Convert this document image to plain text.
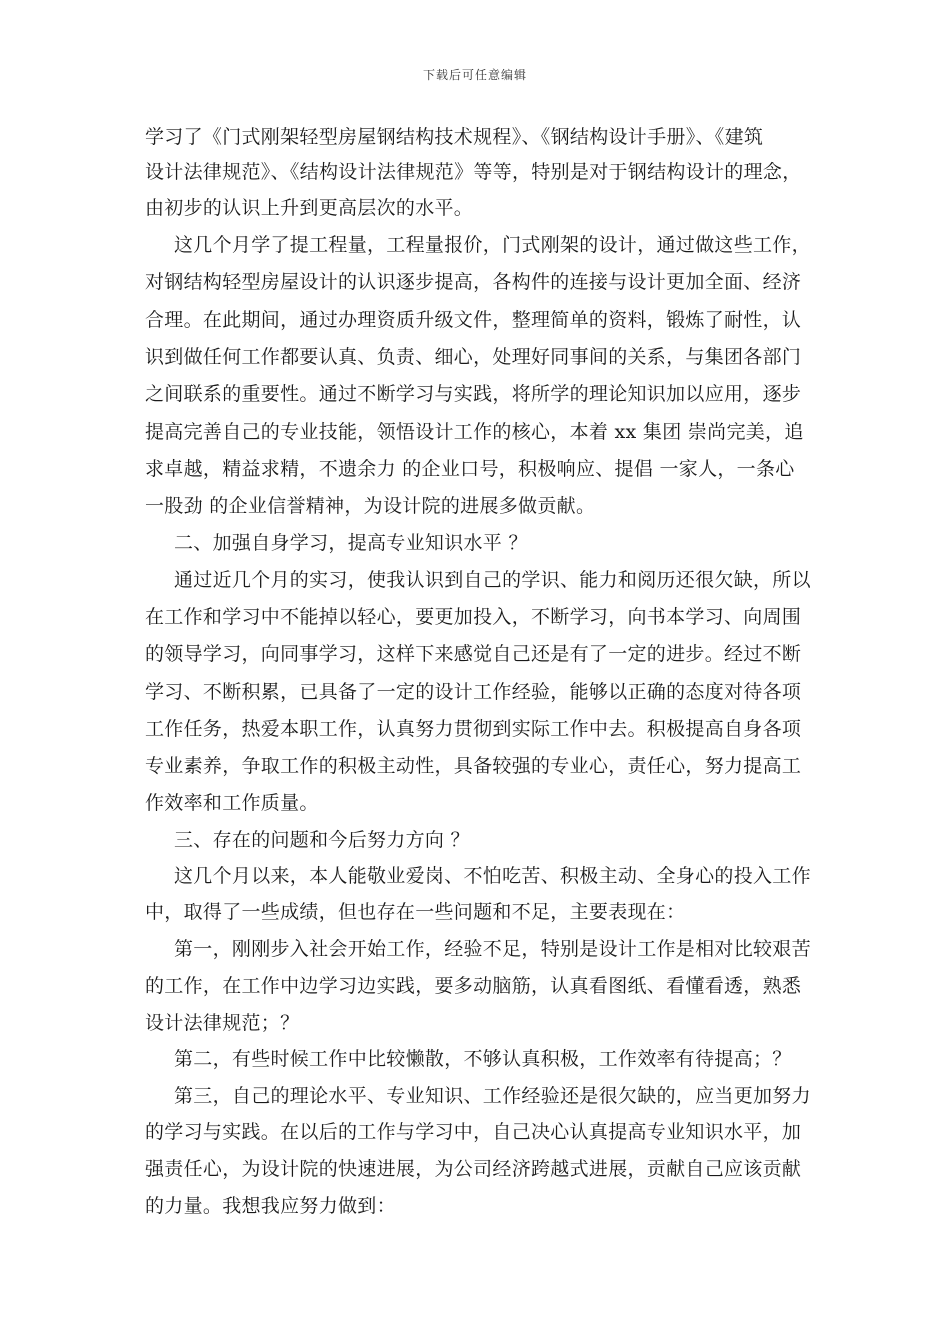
下载后可任意编辑
学习了《门式刚架轻型房屋钢结构技术规程》、《钢结构设计手册》、《建筑
设计法律规范》、《结构设计法律规范》等等，特别是对于钢结构设计的理念，
由初步的认识上升到更高层次的水平。
这几个月学了提工程量，工程量报价，门式刚架的设计，通过做这些工作，
对钢结构轻型房屋设计的认识逐步提高，各构件的连接与设计更加全面、经济
合理。在此期间，通过办理资质升级文件，整理简单的资料，锻炼了耐性，认
识到做任何工作都要认真、负责、细心，处理好同事间的关系，与集团各部门
之间联系的重要性。通过不断学习与实践，将所学的理论知识加以应用，逐步
提高完善自己的专业技能，领悟设计工作的核心，本着 xx 集团 崇尚完美，追
求卓越，精益求精，不遗余力 的企业口号，积极响应、提倡 一家人，一条心
一股劲 的企业信誉精神，为设计院的进展多做贡献。
二、加强自身学习，提高专业知识水平 ？
通过近几个月的实习，使我认识到自己的学识、能力和阅历还很欠缺，所以
在工作和学习中不能掉以轻心，要更加投入，不断学习，向书本学习、向周围
的领导学习，向同事学习，这样下来感觉自己还是有了一定的进步。经过不断
学习、不断积累，已具备了一定的设计工作经验，能够以正确的态度对待各项
工作任务，热爱本职工作，认真努力贯彻到实际工作中去。积极提高自身各项
专业素养，争取工作的积极主动性，具备较强的专业心，责任心，努力提高工
作效率和工作质量。
三、存在的问题和今后努力方向 ？
这几个月以来，本人能敬业爱岗、不怕吃苦、积极主动、全身心的投入工作
中，取得了一些成绩，但也存在一些问题和不足，主要表现在：
第一，刚刚步入社会开始工作，经验不足，特别是设计工作是相对比较艰苦
的工作，在工作中边学习边实践，要多动脑筋，认真看图纸、看懂看透，熟悉
设计法律规范；？
第二，有些时候工作中比较懒散，不够认真积极，工作效率有待提高；？
第三，自己的理论水平、专业知识、工作经验还是很欠缺的，应当更加努力
的学习与实践。在以后的工作与学习中，自己决心认真提高专业知识水平，加
强责任心，为设计院的快速进展，为公司经济跨越式进展，贡献自己应该贡献
的力量。我想我应努力做到：
